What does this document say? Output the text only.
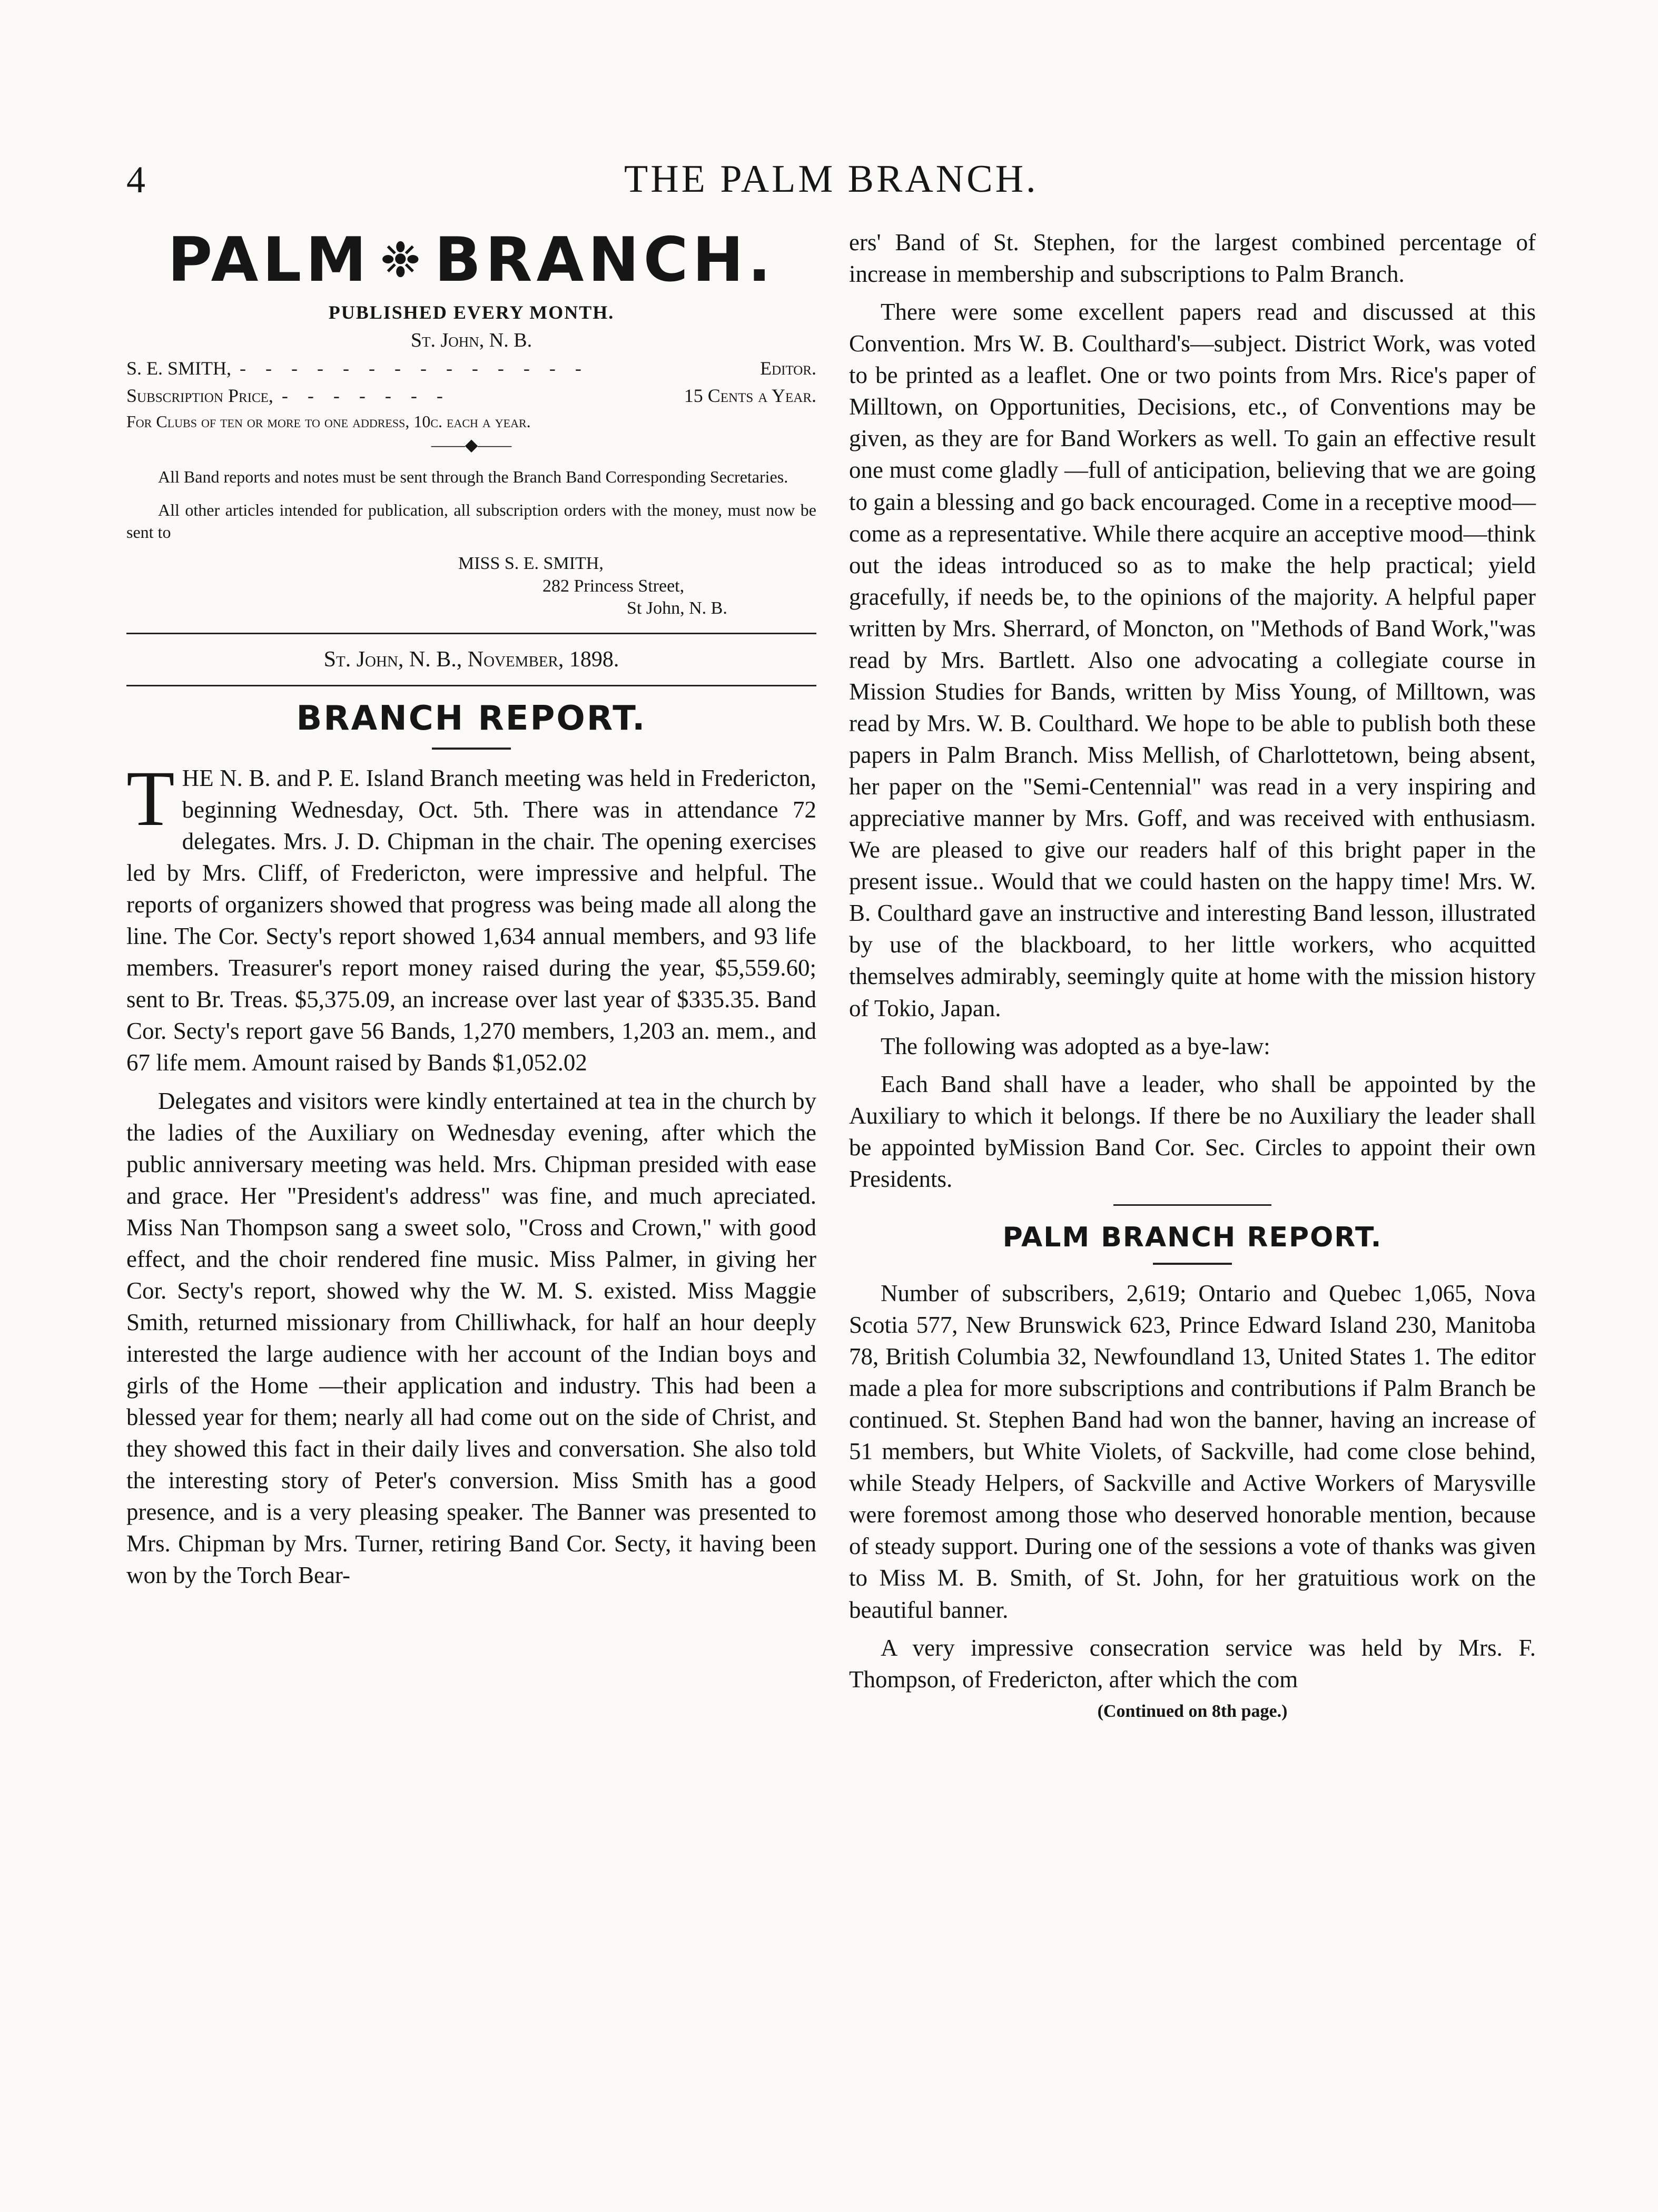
4	THE PALM BRANCH.
PALM ❉ BRANCH.
PUBLISHED EVERY MONTH.
St. John, N. B.
S. E. SMITH, - - - - - - - - - - - - - -	Editor.
Subscription Price, - - - - - - -	15 Cents a Year.
For Clubs of ten or more to one address, 10c. each a year.
——◆——
All Band reports and notes must be sent through the Branch Band Corresponding Secretaries.
All other articles intended for publication, all subscription orders with the money, must now be sent to
MISS S. E. SMITH,
282 Princess Street,
St John, N. B.
St. John, N. B., November, 1898.
BRANCH REPORT.

THE N. B. and P. E. Island Branch meeting was held in Fredericton, beginning Wednesday, Oct. 5th. There was in attendance 72 delegates. Mrs. J. D. Chipman in the chair. The opening exercises led by Mrs. Cliff, of Fredericton, were impressive and helpful. The reports of organizers showed that progress was being made all along the line. The Cor. Secty's report showed 1,634 annual members, and 93 life members. Treasurer's report money raised during the year, $5,559.60; sent to Br. Treas. $5,375.09, an increase over last year of $335.35. Band Cor. Secty's report gave 56 Bands, 1,270 members, 1,203 an. mem., and 67 life mem. Amount raised by Bands $1,052.02

Delegates and visitors were kindly entertained at tea in the church by the ladies of the Auxiliary on Wednesday evening, after which the public anniversary meeting was held. Mrs. Chipman presided with ease and grace. Her "President's address" was fine, and much apreciated. Miss Nan Thompson sang a sweet solo, "Cross and Crown," with good effect, and the choir rendered fine music. Miss Palmer, in giving her Cor. Secty's report, showed why the W. M. S. existed. Miss Maggie Smith, returned missionary from Chilliwhack, for half an hour deeply interested the large audience with her account of the Indian boys and girls of the Home —their application and industry. This had been a blessed year for them; nearly all had come out on the side of Christ, and they showed this fact in their daily lives and conversation. She also told the interesting story of Peter's conversion. Miss Smith has a good presence, and is a very pleasing speaker. The Banner was presented to Mrs. Chipman by Mrs. Turner, retiring Band Cor. Secty, it having been won by the Torch Bear-

ers' Band of St. Stephen, for the largest combined percentage of increase in membership and subscriptions to Palm Branch.

There were some excellent papers read and discussed at this Convention. Mrs W. B. Coulthard's—subject. District Work, was voted to be printed as a leaflet. One or two points from Mrs. Rice's paper of Milltown, on Opportunities, Decisions, etc., of Conventions may be given, as they are for Band Workers as well. To gain an effective result one must come gladly —full of anticipation, believing that we are going to gain a blessing and go back encouraged. Come in a receptive mood—come as a representative. While there acquire an acceptive mood—think out the ideas introduced so as to make the help practical; yield gracefully, if needs be, to the opinions of the majority. A helpful paper written by Mrs. Sherrard, of Moncton, on "Methods of Band Work,"was read by Mrs. Bartlett. Also one advocating a collegiate course in Mission Studies for Bands, written by Miss Young, of Milltown, was read by Mrs. W. B. Coulthard. We hope to be able to publish both these papers in Palm Branch. Miss Mellish, of Charlottetown, being absent, her paper on the "Semi-Centennial" was read in a very inspiring and appreciative manner by Mrs. Goff, and was received with enthusiasm. We are pleased to give our readers half of this bright paper in the present issue.. Would that we could hasten on the happy time! Mrs. W. B. Coulthard gave an instructive and interesting Band lesson, illustrated by use of the blackboard, to her little workers, who acquitted themselves admirably, seemingly quite at home with the mission history of Tokio, Japan.

The following was adopted as a bye-law:

Each Band shall have a leader, who shall be appointed by the Auxiliary to which it belongs. If there be no Auxiliary the leader shall be appointed byMission Band Cor. Sec. Circles to appoint their own Presidents.

PALM BRANCH REPORT.

Number of subscribers, 2,619; Ontario and Quebec 1,065, Nova Scotia 577, New Brunswick 623, Prince Edward Island 230, Manitoba 78, British Columbia 32, Newfoundland 13, United States 1. The editor made a plea for more subscriptions and contributions if Palm Branch be continued. St. Stephen Band had won the banner, having an increase of 51 members, but White Violets, of Sackville, had come close behind, while Steady Helpers, of Sackville and Active Workers of Marysville were foremost among those who deserved honorable mention, because of steady support. During one of the sessions a vote of thanks was given to Miss M. B. Smith, of St. John, for her gratuitious work on the beautiful banner.

A very impressive consecration service was held by Mrs. F. Thompson, of Fredericton, after which the com

(Continued on 8th page.)
